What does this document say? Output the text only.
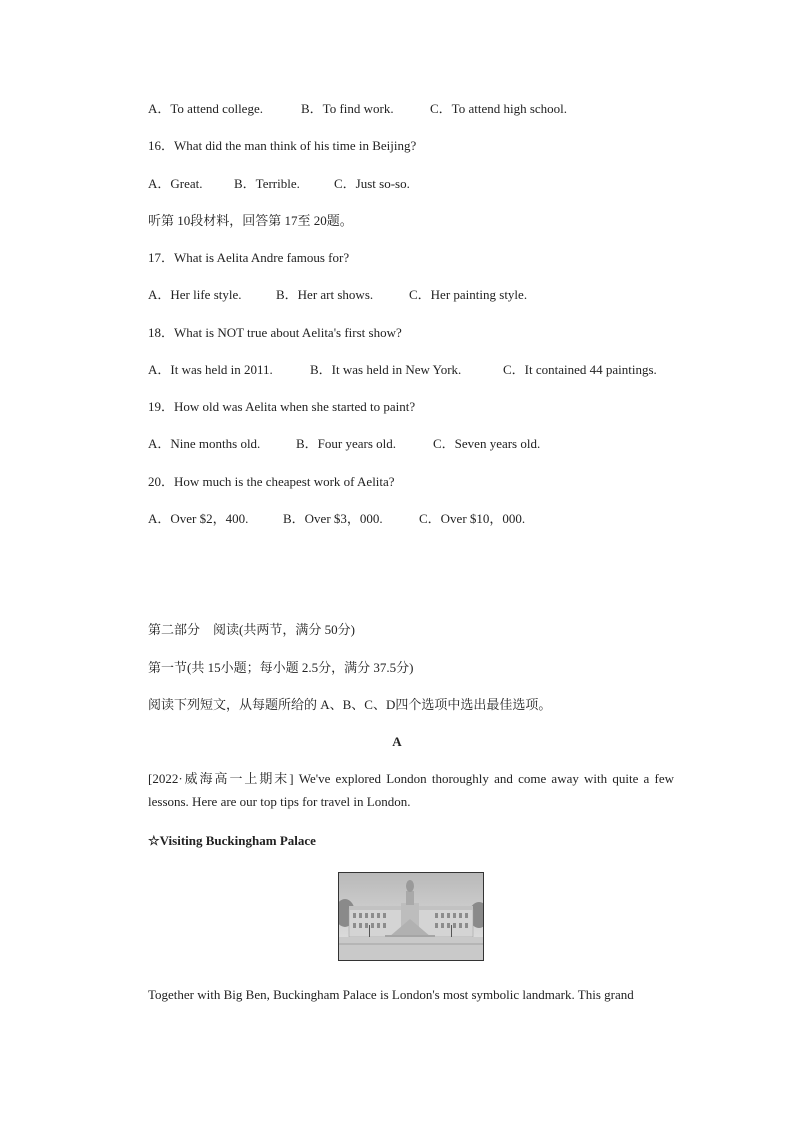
A．To attend college.	B．To find work.	C．To attend high school.
16．What did the man think of his time in Beijing?
A．Great. B．Terrible.	C．Just so-so.
听第 10段材料，回答第 17至 20题。
17．What is Aelita Andre famous for?
A．Her life style.	B．Her art shows.	C．Her painting style.
18．What is NOT true about Aelita's first show?
A．It was held in 2011.	B．It was held in New York.	C．It contained 44 paintings.
19．How old was Aelita when she started to paint?
A．Nine months old.	B．Four years old.	C．Seven years old.
20．How much is the cheapest work of Aelita?
A．Over $2，400.	B．Over $3，000.	C．Over $10，000.
第二部分　阅读(共两节，满分 50分)
第一节(共 15小题；每小题 2.5分，满分 37.5分)
阅读下列短文，从每题所给的 A、B、C、D四个选项中选出最佳选项。
A
[2022·威海高一上期末] We've explored London thoroughly and come away with quite a few lessons. Here are our top tips for travel in London.
☆Visiting Buckingham Palace
Together with Big Ben, Buckingham Palace is London's most symbolic landmark. This grand
